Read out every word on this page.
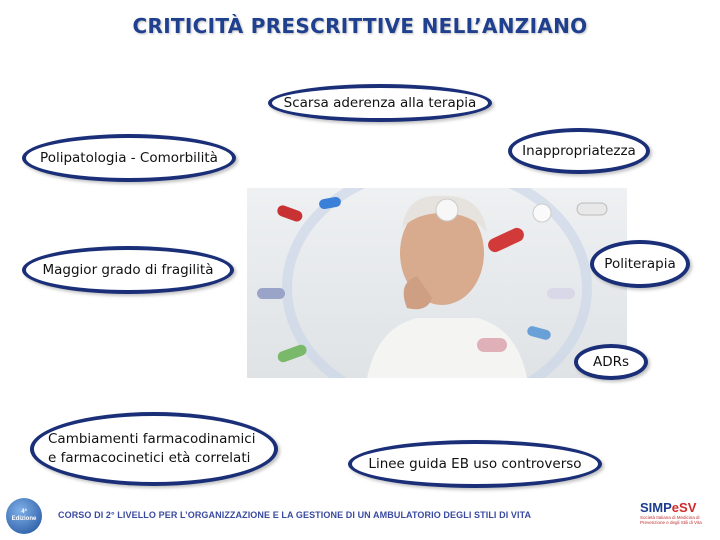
CRITICITÀ PRESCRITTIVE NELL’ANZIANO
Scarsa aderenza alla terapia
Polipatologia - Comorbilità	Inappropriatezza
Maggior grado di fragilità	Politerapia
ADRs
Cambiamenti farmacodinamici e farmacocinetici età correlati	Linee guida EB uso controverso
4ª
Edizione CORSO DI 2° LIVELLO PER L’ORGANIZZAZIONE E LA GESTIONE DI UN AMBULATORIO DEGLI STILI DI VITA	SIMPeSV
Società Italiana di Medicina di Prevenzione e degli Stili di Vita
